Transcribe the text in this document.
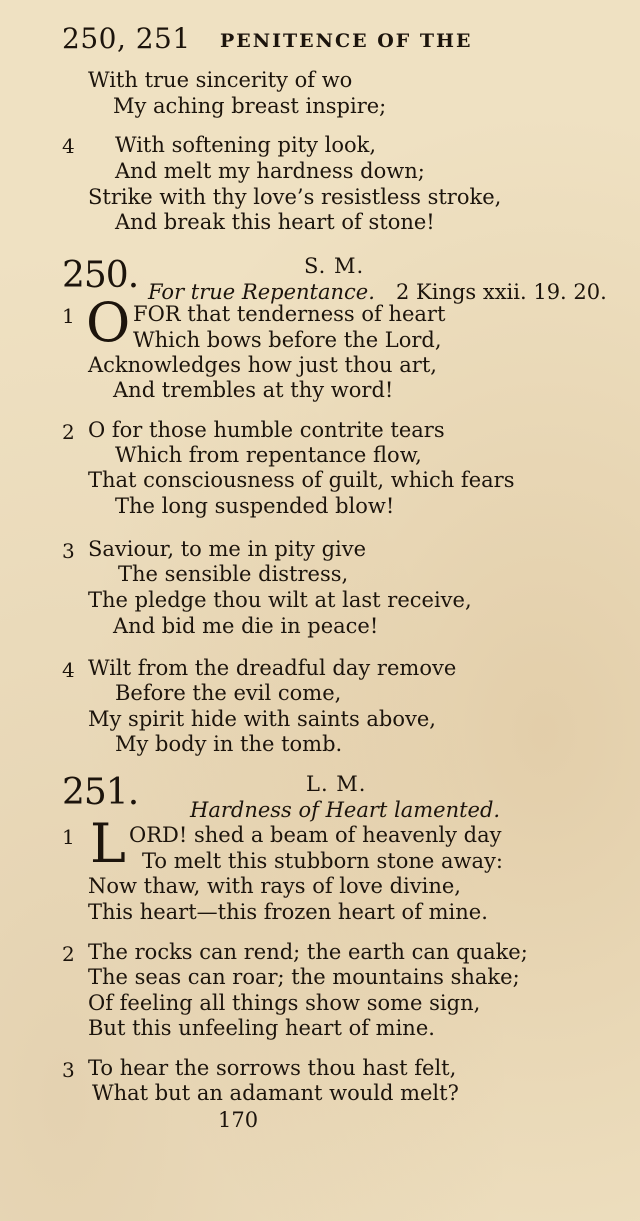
250, 251 PENITENCE OF THE
With true sincerity of wo
My aching breast inspire;
4 With softening pity look,
And melt my hardness down;
Strike with thy love’s resistless stroke,
And break this heart of stone!
250.	S. M.
For true Repentance. 2 Kings xxii. 19. 20.
1 O FOR that tenderness of heart
Which bows before the Lord,
Acknowledges how just thou art,
And trembles at thy word!
2 O for those humble contrite tears
Which from repentance flow,
That consciousness of guilt, which fears
The long suspended blow!
3 Saviour, to me in pity give
The sensible distress,
The pledge thou wilt at last receive,
And bid me die in peace!
4 Wilt from the dreadful day remove
Before the evil come,
My spirit hide with saints above,
My body in the tomb.
251.	L. M.
Hardness of Heart lamented.
1 L ORD! shed a beam of heavenly day
To melt this stubborn stone away:
Now thaw, with rays of love divine,
This heart—this frozen heart of mine.
2 The rocks can rend; the earth can quake;
The seas can roar; the mountains shake;
Of feeling all things show some sign,
But this unfeeling heart of mine.
3 To hear the sorrows thou hast felt,
What but an adamant would melt?
170
